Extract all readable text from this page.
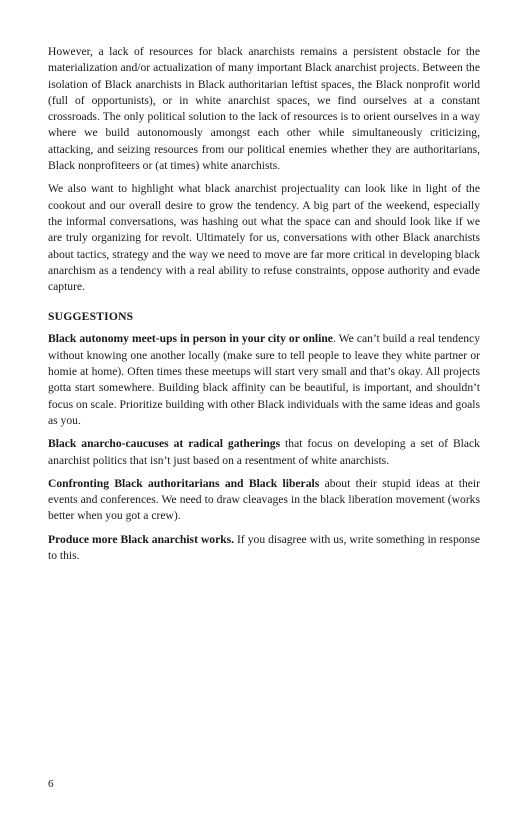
However, a lack of resources for black anarchists remains a persistent obstacle for the materialization and/or actualization of many important Black anarchist projects. Between the isolation of Black anarchists in Black authoritarian leftist spaces, the Black nonprofit world (full of opportunists), or in white anarchist spaces, we find ourselves at a constant crossroads. The only political solution to the lack of resources is to orient ourselves in a way where we build autonomously amongst each other while simultaneously criticizing, attacking, and seizing resources from our political enemies whether they are authoritarians, Black nonprofiteers or (at times) white anarchists.

We also want to highlight what black anarchist projectuality can look like in light of the cookout and our overall desire to grow the tendency. A big part of the weekend, especially the informal conversations, was hashing out what the space can and should look like if we are truly organizing for revolt. Ultimately for us, conversations with other Black anarchists about tactics, strategy and the way we need to move are far more critical in developing black anarchism as a tendency with a real ability to refuse constraints, oppose authority and evade capture.

SUGGESTIONS

Black autonomy meet-ups in person in your city or online. We can’t build a real tendency without knowing one another locally (make sure to tell people to leave they white partner or homie at home). Often times these meetups will start very small and that’s okay. All projects gotta start somewhere. Building black affinity can be beautiful, is important, and shouldn’t focus on scale. Prioritize building with other Black individuals with the same ideas and goals as you.

Black anarcho-caucuses at radical gatherings that focus on developing a set of Black anarchist politics that isn’t just based on a resentment of white anarchists.

Confronting Black authoritarians and Black liberals about their stupid ideas at their events and conferences. We need to draw cleavages in the black liberation movement (works better when you got a crew).

Produce more Black anarchist works. If you disagree with us, write something in response to this.

6
